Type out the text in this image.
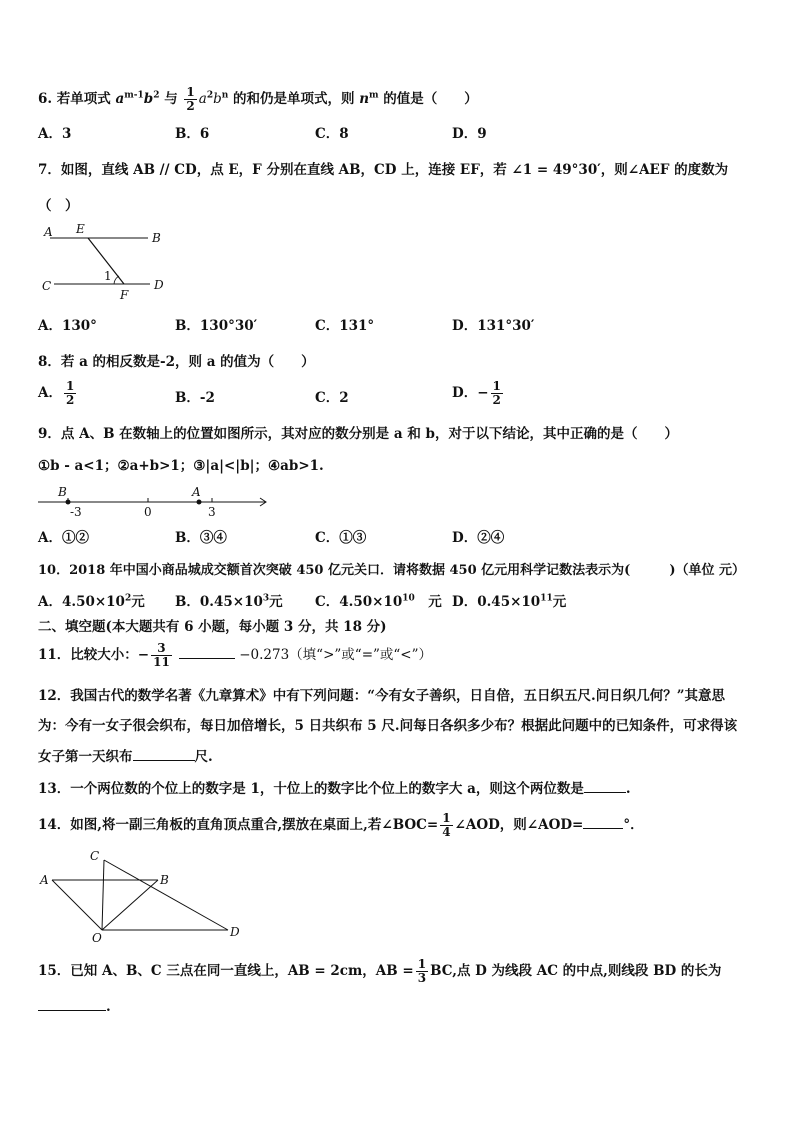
6. 若单项式 $a^{m-1}b^2$ 与 $\frac{1}{2} a^2b^n$ 的和仍是单项式，则 $n^m$ 的值是（　　）
A．3	B．6	C．8	D．9
7．如图，直线 AB // CD，点 E，F 分别在直线 AB，CD 上，连接 EF，若 ∠1 = 49°30′，则∠AEF 的度数为
（　）
A E
B
C
1
F
D
A．130°	B．130°30′	C．131°	D．131°30′
8．若 a 的相反数是-2，则 a 的值为（　　）
A． $\frac{1}{2}$	B．-2	C．2	D．− $\frac{1}{2}$
9．点 A、B 在数轴上的位置如图所示，其对应的数分别是 a 和 b，对于以下结论，其中正确的是（　　）
①b - a<1；②a+b>1；③|a|<|b|；④ab>1.
B	A
-3	0	3
A．①②	B．③④	C．①③	D．②④
10．2018 年中国小商品城成交额首次突破 450 亿元关口．请将数据 450 亿元用科学记数法表示为(　　　)（单位 元）
A．$4.50\times 10^2$元 B．$0.45\times 10^3$元 C．$4.50\times 10^{10}$　元 D．$0.45\times 10^{11}$元
二、填空题(本大题共有 6 小题，每小题 3 分，共 18 分)
11．比较大小：− $\frac{3}{11}$	−0.273（填“>”或“=”或“<”）
12．我国古代的数学名著《九章算术》中有下列问题：“今有女子善织，日自倍，五日织五尺.问日织几何？”其意思
为：今有一女子很会织布，每日加倍增长，5 日共织布 5 尺.问每日各织多少布？根据此问题中的已知条件，可求得该
女子第一天织布	尺.
13．一个两位数的个位上的数字是 1，十位上的数字比个位上的数字大 a，则这个两位数是	.
14．如图,将一副三角板的直角顶点重合,摆放在桌面上,若∠BOC= $\frac{1}{4}$ ∠AOD，则∠AOD=	°．
C
A	B
O	D
15．已知 A、B、C 三点在同一直线上，AB = 2cm，AB = $\frac{1}{3}$ BC,点 D 为线段 AC 的中点,则线段 BD 的长为
.
